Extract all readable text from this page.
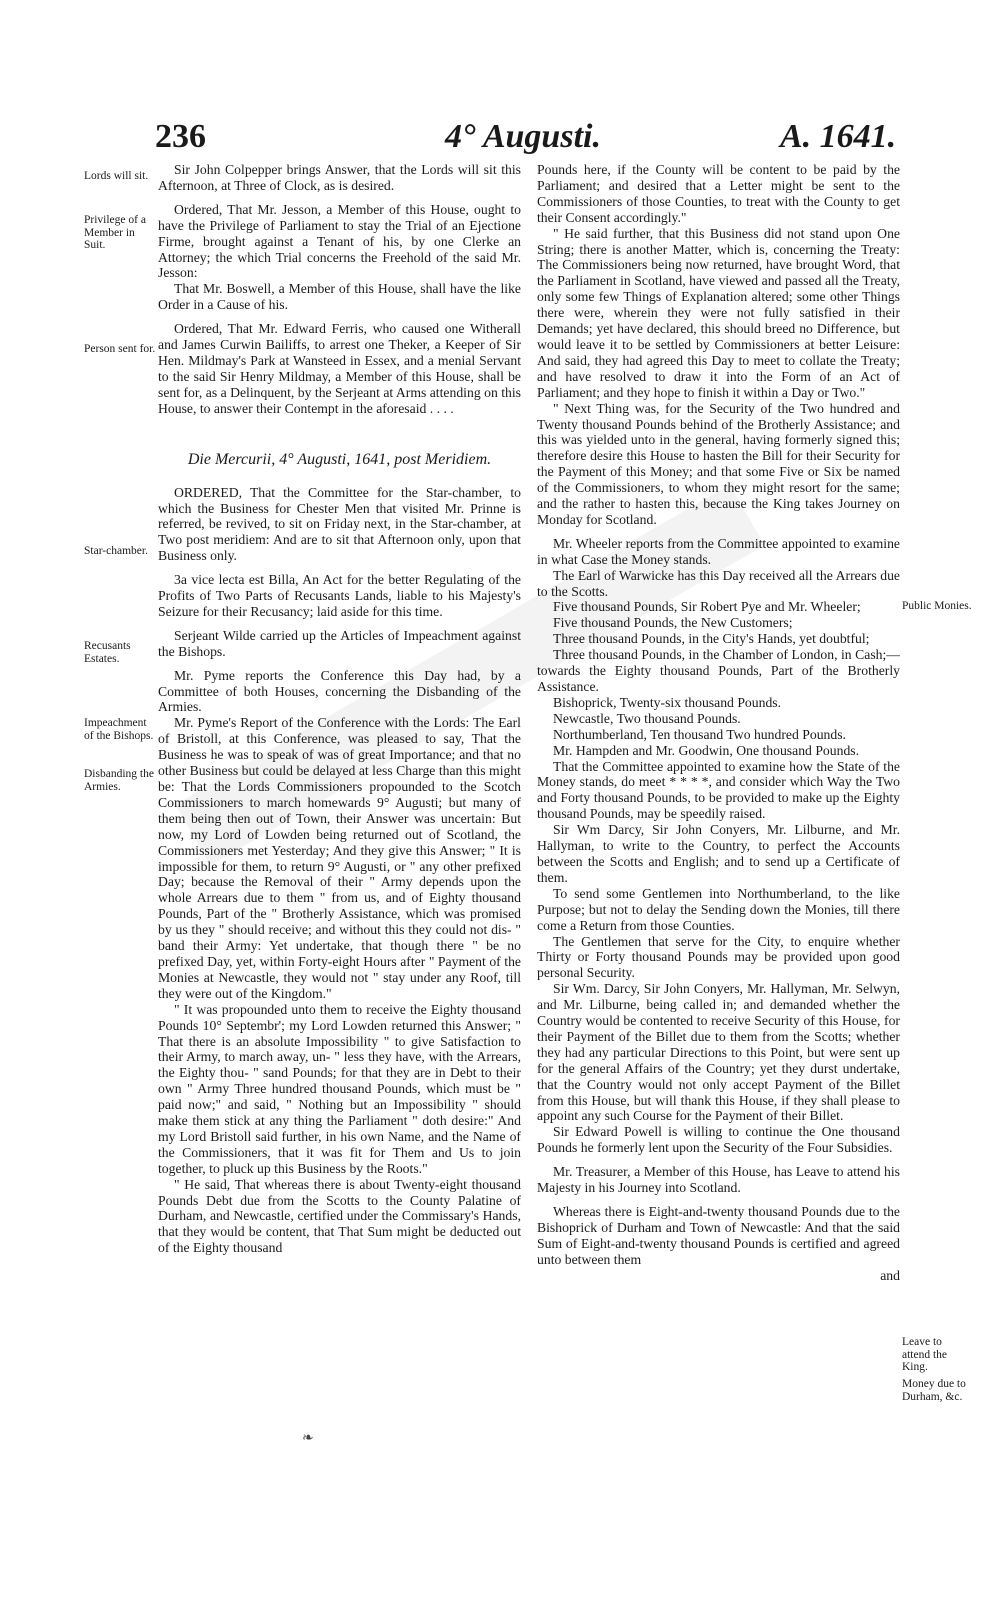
236	4° Augusti.	A. 1641.
Lords will sit.
Privilege of a Member in Suit.
Person sent for.
Star-chamber.
Recusants Estates.
Impeachment of the Bishops.
Disbanding the Armies.
Public Monies.
Leave to attend the King.
Money due to Durham, &c.

Sir John Colpepper brings Answer, that the Lords will sit this Afternoon, at Three of Clock, as is desired.

Ordered, That Mr. Jesson, a Member of this House, ought to have the Privilege of Parliament to stay the Trial of an Ejectione Firme, brought against a Tenant of his, by one Clerke an Attorney; the which Trial concerns the Freehold of the said Mr. Jesson:

That Mr. Boswell, a Member of this House, shall have the like Order in a Cause of his.

Ordered, That Mr. Edward Ferris, who caused one Witherall and James Curwin Bailiffs, to arrest one Theker, a Keeper of Sir Hen. Mildmay's Park at Wansteed in Essex, and a menial Servant to the said Sir Henry Mildmay, a Member of this House, shall be sent for, as a Delinquent, by the Serjeant at Arms attending on this House, to answer their Contempt in the aforesaid . . . .

Die Mercurii, 4° Augusti, 1641, post Meridiem.

ORDERED, That the Committee for the Star-chamber, to which the Business for Chester Men that visited Mr. Prinne is referred, be revived, to sit on Friday next, in the Star-chamber, at Two post meridiem: And are to sit that Afternoon only, upon that Business only.

3a vice lecta est Billa, An Act for the better Regulating of the Profits of Two Parts of Recusants Lands, liable to his Majesty's Seizure for their Recusancy; laid aside for this time.

Serjeant Wilde carried up the Articles of Impeachment against the Bishops.

Mr. Pyme reports the Conference this Day had, by a Committee of both Houses, concerning the Disbanding of the Armies.

Mr. Pyme's Report of the Conference with the Lords: The Earl of Bristoll, at this Conference, was pleased to say, That the Business he was to speak of was of great Importance; and that no other Business but could be delayed at less Charge than this might be: That the Lords Commissioners propounded to the Scotch Commissioners to march homewards 9° Augusti; but many of them being then out of Town, their Answer was uncertain: But now, my Lord of Lowden being returned out of Scotland, the Commissioners met Yesterday; And they give this Answer; " It is impossible for them, to return 9° Augusti, or " any other prefixed Day; because the Removal of their " Army depends upon the whole Arrears due to them " from us, and of Eighty thousand Pounds, Part of the " Brotherly Assistance, which was promised by us they " should receive; and without this they could not dis- " band their Army: Yet undertake, that though there " be no prefixed Day, yet, within Forty-eight Hours after " Payment of the Monies at Newcastle, they would not " stay under any Roof, till they were out of the Kingdom."

" It was propounded unto them to receive the Eighty thousand Pounds 10° Septembr'; my Lord Lowden returned this Answer; " That there is an absolute Impossibility " to give Satisfaction to their Army, to march away, un- " less they have, with the Arrears, the Eighty thou- " sand Pounds; for that they are in Debt to their own " Army Three hundred thousand Pounds, which must be " paid now;" and said, " Nothing but an Impossibility " should make them stick at any thing the Parliament " doth desire:" And my Lord Bristoll said further, in his own Name, and the Name of the Commissioners, that it was fit for Them and Us to join together, to pluck up this Business by the Roots."

" He said, That whereas there is about Twenty-eight thousand Pounds Debt due from the Scotts to the County Palatine of Durham, and Newcastle, certified under the Commissary's Hands, that they would be content, that That Sum might be deducted out of the Eighty thousand

Pounds here, if the County will be content to be paid by the Parliament; and desired that a Letter might be sent to the Commissioners of those Counties, to treat with the County to get their Consent accordingly."

" He said further, that this Business did not stand upon One String; there is another Matter, which is, concerning the Treaty: The Commissioners being now returned, have brought Word, that the Parliament in Scotland, have viewed and passed all the Treaty, only some few Things of Explanation altered; some other Things there were, wherein they were not fully satisfied in their Demands; yet have declared, this should breed no Difference, but would leave it to be settled by Commissioners at better Leisure: And said, they had agreed this Day to meet to collate the Treaty; and have resolved to draw it into the Form of an Act of Parliament; and they hope to finish it within a Day or Two."

" Next Thing was, for the Security of the Two hundred and Twenty thousand Pounds behind of the Brotherly Assistance; and this was yielded unto in the general, having formerly signed this; therefore desire this House to hasten the Bill for their Security for the Payment of this Money; and that some Five or Six be named of the Commissioners, to whom they might resort for the same; and the rather to hasten this, because the King takes Journey on Monday for Scotland.

Mr. Wheeler reports from the Committee appointed to examine in what Case the Money stands.

The Earl of Warwicke has this Day received all the Arrears due to the Scotts.

Five thousand Pounds, Sir Robert Pye and Mr. Wheeler;

Five thousand Pounds, the New Customers;

Three thousand Pounds, in the City's Hands, yet doubtful;

Three thousand Pounds, in the Chamber of London, in Cash;—towards the Eighty thousand Pounds, Part of the Brotherly Assistance.

Bishoprick, Twenty-six thousand Pounds.

Newcastle, Two thousand Pounds.

Northumberland, Ten thousand Two hundred Pounds.

Mr. Hampden and Mr. Goodwin, One thousand Pounds.

That the Committee appointed to examine how the State of the Money stands, do meet * * * *, and consider which Way the Two and Forty thousand Pounds, to be provided to make up the Eighty thousand Pounds, may be speedily raised.

Sir Wm Darcy, Sir John Conyers, Mr. Lilburne, and Mr. Hallyman, to write to the Country, to perfect the Accounts between the Scotts and English; and to send up a Certificate of them.

To send some Gentlemen into Northumberland, to the like Purpose; but not to delay the Sending down the Monies, till there come a Return from those Counties.

The Gentlemen that serve for the City, to enquire whether Thirty or Forty thousand Pounds may be provided upon good personal Security.

Sir Wm. Darcy, Sir John Conyers, Mr. Hallyman, Mr. Selwyn, and Mr. Lilburne, being called in; and demanded whether the Country would be contented to receive Security of this House, for their Payment of the Billet due to them from the Scotts; whether they had any particular Directions to this Point, but were sent up for the general Affairs of the Country; yet they durst undertake, that the Country would not only accept Payment of the Billet from this House, but will thank this House, if they shall please to appoint any such Course for the Payment of their Billet.

Sir Edward Powell is willing to continue the One thousand Pounds he formerly lent upon the Security of the Four Subsidies.

Mr. Treasurer, a Member of this House, has Leave to attend his Majesty in his Journey into Scotland.

Whereas there is Eight-and-twenty thousand Pounds due to the Bishoprick of Durham and Town of Newcastle: And that the said Sum of Eight-and-twenty thousand Pounds is certified and agreed unto between them

and

❧
